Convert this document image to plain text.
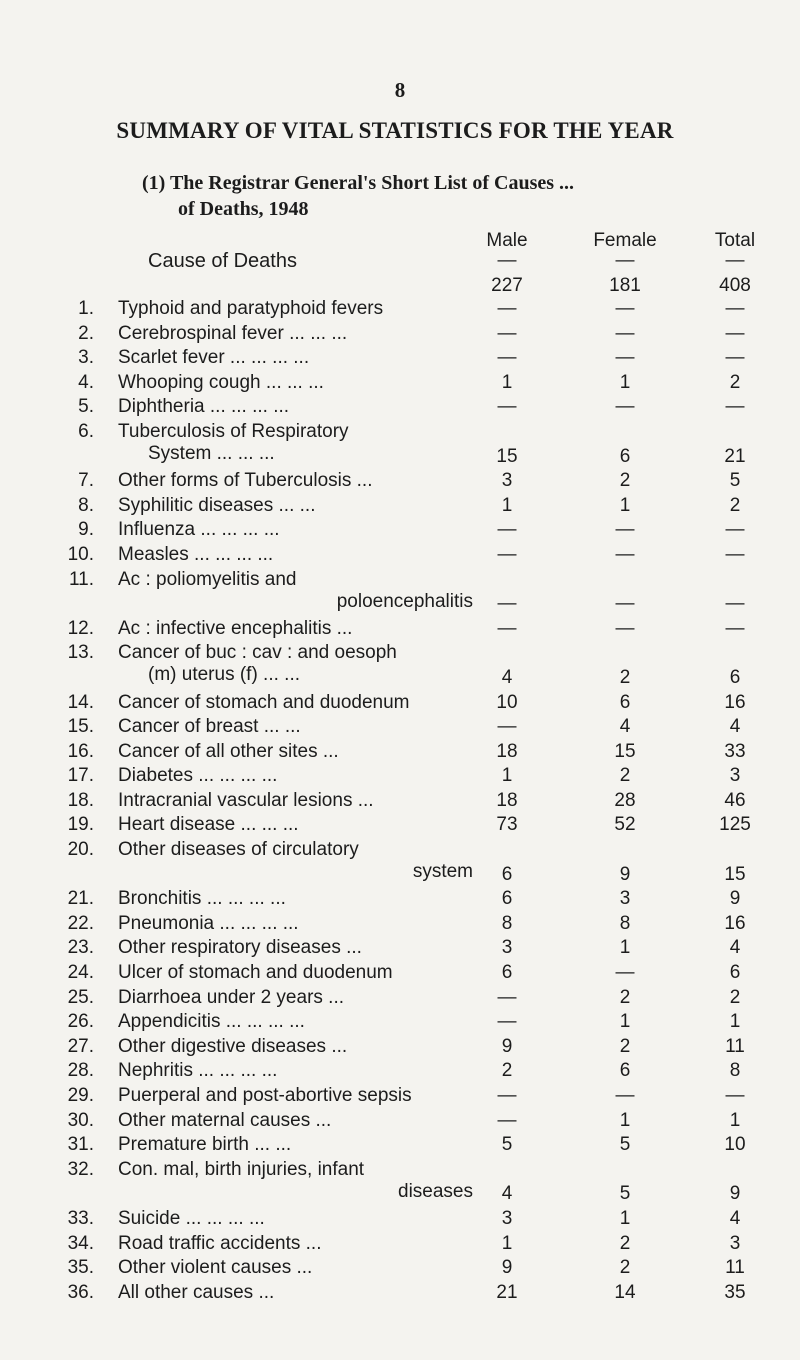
8
SUMMARY OF VITAL STATISTICS FOR THE YEAR
(1) The Registrar General's Short List of Causes ...
of Deaths, 1948
Male	Female	Total
Cause of Deaths	—	—	—
227	181	408
1. Typhoid and paratyphoid fevers	—	—	—
2. Cerebrospinal fever ... ... ...	—	—	—
3. Scarlet fever ... ... ... ...	—	—	—
4. Whooping cough ... ... ...	1	1	2
5. Diphtheria ... ... ... ...	—	—	—
6. Tuberculosis of Respiratory
System ... ... ...	15	6	21
7. Other forms of Tuberculosis ...	3	2	5
8. Syphilitic diseases ... ...	1	1	2
9. Influenza ... ... ... ...	—	—	—
10. Measles ... ... ... ...	—	—	—
11. Ac : poliomyelitis and
poloencephalitis	—	—	—
12. Ac : infective encephalitis ...	—	—	—
13. Cancer of buc : cav : and oesoph
(m) uterus (f) ... ...	4	2	6
14. Cancer of stomach and duodenum	10	6	16
15. Cancer of breast ... ...	—	4	4
16. Cancer of all other sites ...	18	15	33
17. Diabetes ... ... ... ...	1	2	3
18. Intracranial vascular lesions ...	18	28	46
19. Heart disease ... ... ...	73	52	125
20. Other diseases of circulatory
system	6	9	15
21. Bronchitis ... ... ... ...	6	3	9
22. Pneumonia ... ... ... ...	8	8	16
23. Other respiratory diseases ...	3	1	4
24. Ulcer of stomach and duodenum	6	—	6
25. Diarrhoea under 2 years ...	—	2	2
26. Appendicitis ... ... ... ...	—	1	1
27. Other digestive diseases ...	9	2	11
28. Nephritis ... ... ... ...	2	6	8
29. Puerperal and post-abortive sepsis	—	—	—
30. Other maternal causes ...	—	1	1
31. Premature birth ... ...	5	5	10
32. Con. mal, birth injuries, infant
diseases	4	5	9
33. Suicide ... ... ... ...	3	1	4
34. Road traffic accidents ...	1	2	3
35. Other violent causes ...	9	2	11
36. All other causes ...	21	14	35
